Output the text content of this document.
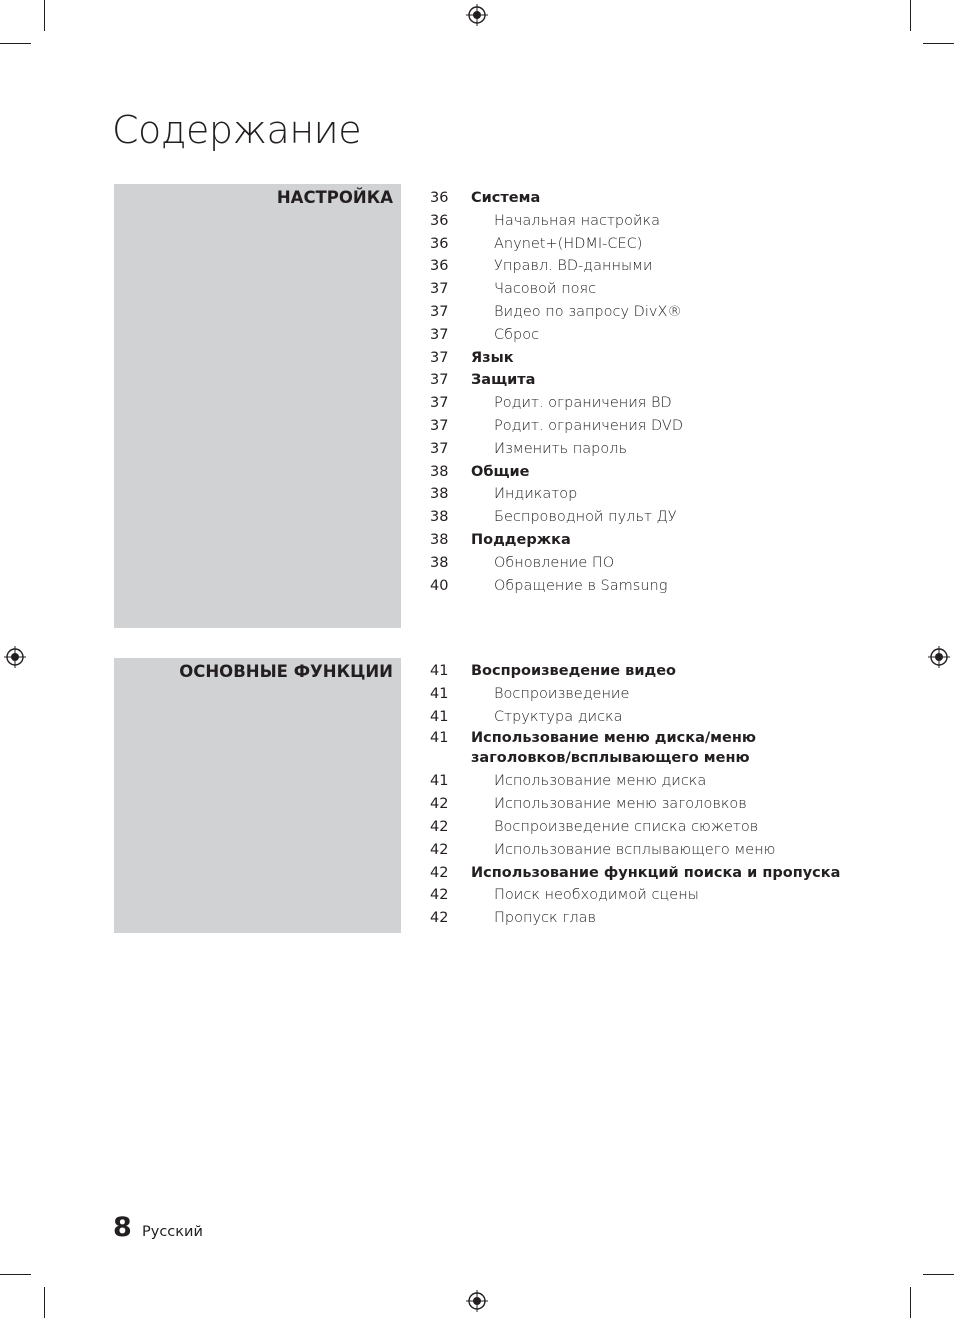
Содержание
НАСТРОЙКА	36	Система
36	Начальная настройка
36	Anynet+(HDMI-CEC)
36	Управл. BD-данными
37	Часовой пояс
37	Видео по запросу DivX®
37	Сброс
37	Язык
37	Защита
37	Родит. ограничения BD
37	Родит. ограничения DVD
37	Изменить пароль
38	Общие
38	Индикатор
38	Беспроводной пульт ДУ
38	Поддержка
38	Обновление ПО
40	Обращение в Samsung
ОСНОВНЫЕ ФУНКЦИИ	41	Воспроизведение видео
41	Воспроизведение
41	Структура диска
41	Использование меню диска/меню заголовков/всплывающего меню
41	Использование меню диска
42	Использование меню заголовков
42	Воспроизведение списка сюжетов
42	Использование всплывающего меню
42	Использование функций поиска и пропуска
42	Поиск необходимой сцены
42	Пропуск глав
8 Русский
